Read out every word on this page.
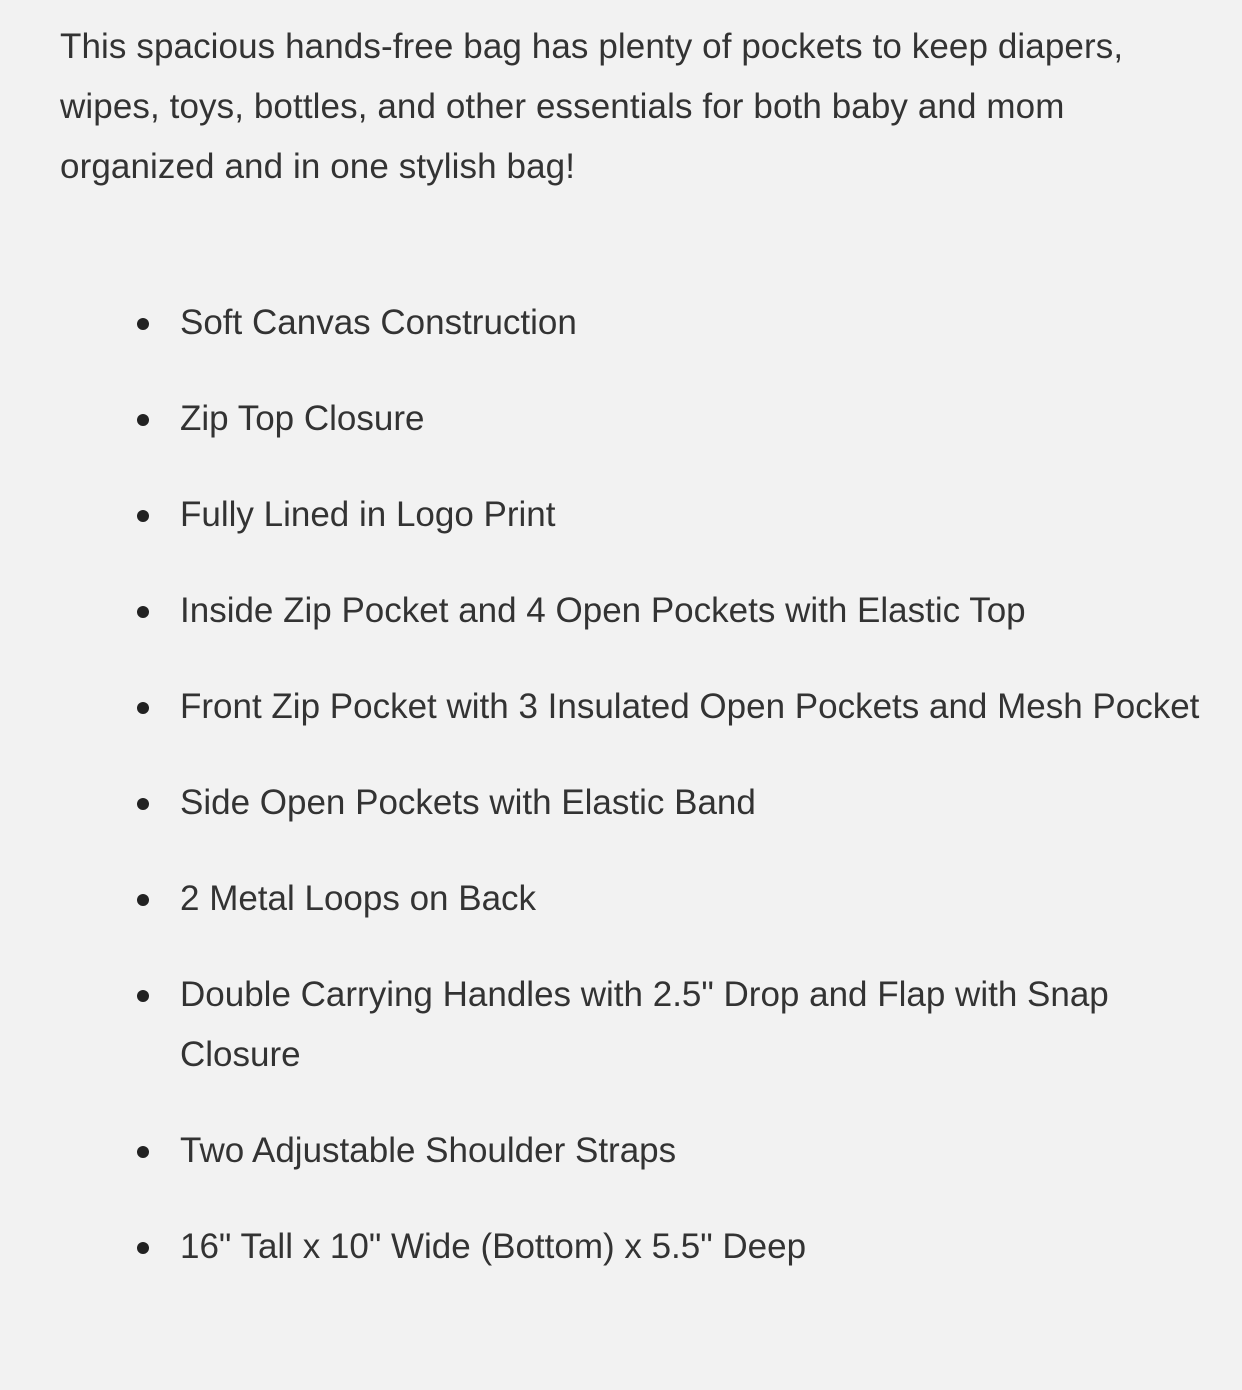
This spacious hands-free bag has plenty of pockets to keep diapers, wipes, toys, bottles, and other essentials for both baby and mom organized and in one stylish bag!

Soft Canvas Construction
Zip Top Closure
Fully Lined in Logo Print
Inside Zip Pocket and 4 Open Pockets with Elastic Top
Front Zip Pocket with 3 Insulated Open Pockets and Mesh Pocket
Side Open Pockets with Elastic Band
2 Metal Loops on Back
Double Carrying Handles with 2.5" Drop and Flap with Snap Closure
Two Adjustable Shoulder Straps
16" Tall x 10" Wide (Bottom) x 5.5" Deep
